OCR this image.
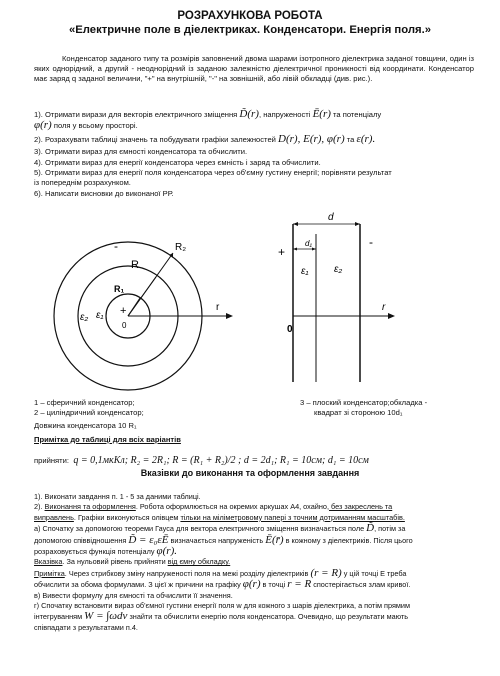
РОЗРАХУНКОВА РОБОТА
«Електричне поле в діелектриках. Конденсатори. Енергія поля.»
Конденсатор заданого типу та розмірів заповнений двома шарами ізотропного діелектрика заданої товщини, один із яких однорідний, а другий - неоднорідний із заданою залежністю діелектричної проникності від координати. Конденсатор має заряд q заданої величини, "+" на внутрішній, "-" на зовнішній, або лівій обкладці (див. рис.).
1). Отримати вирази для векторів електричного зміщення D̃(r), напруженості Ē(r) та потенціалу
φ(r) поля у всьому просторі.
2). Розрахувати таблиці значень та побудувати графіки залежностей D(r), E(r), φ(r) та ε(r).
3). Отримати вираз для ємності конденсатора та обчислити.
4). Отримати вираз для енергії конденсатора через ємність і заряд та обчислити.
5). Отримати вираз для енергії поля конденсатора через об'ємну густину енергії; порівняти результат
із попереднім розрахунком.
6). Написати висновки до виконаної РР.
R₂
R
R₁
ε₂ ε₁
0
+
-
r
d
d₁
+
-
ε₁	ε₂
0
r
1 – сферичний конденсатор;
2 – циліндричний конденсатор;
Довжина конденсатора 10 R₁
Примітка до таблиці для всіх варіантів
3 – плоский конденсатор;обкладка -
квадрат зі стороною 10d₁
прийняти: q = 0,1мкКл; R₂ = 2R₁; R = (R₁ + R₂)/2 ; d = 2d₁; R₁ = 10см; d₁ = 10см
Вказівки до виконання та оформлення завдання
1). Виконати завдання п. 1 - 5 за даними таблиці.
2). Виконання та оформлення. Робота оформлюється на окремих аркушах А4, охайно, без закреслень та
виправлень. Графіки виконуються олівцем тільки на міліметровому папері з точним дотриманням масштабів.
а) Спочатку за допомогою теореми Гауса для вектора електричного зміщення визначається поле D̃, потім за
допомогою співвідношення D̃ = ε₀εĒ визначається напруженість Ē(r̄) в кожному з діелектриків. Після цього
розраховується функція потенціалу φ(r).
Вказівка. За нульовий рівень прийняти від ємну обкладку.
Примітка. Через стрибкову зміну напруженості поля на межі розділу діелектриків (r = R) у цій точці Е треба
обчислити за обома формулами. З цієї ж причини на графіку φ(r) в точці r = R спостерігається злам кривої.
в) Вивести формулу для ємності та обчислити її значення.
г) Спочатку встановити вираз об'ємної густини енергії поля w для кожного з шарів діелектрика, а потім прямим
інтегруванням W = ∫ωdv знайти та обчислити енергію поля конденсатора. Очевидно, що результати мають
співпадати з результатами п.4.
